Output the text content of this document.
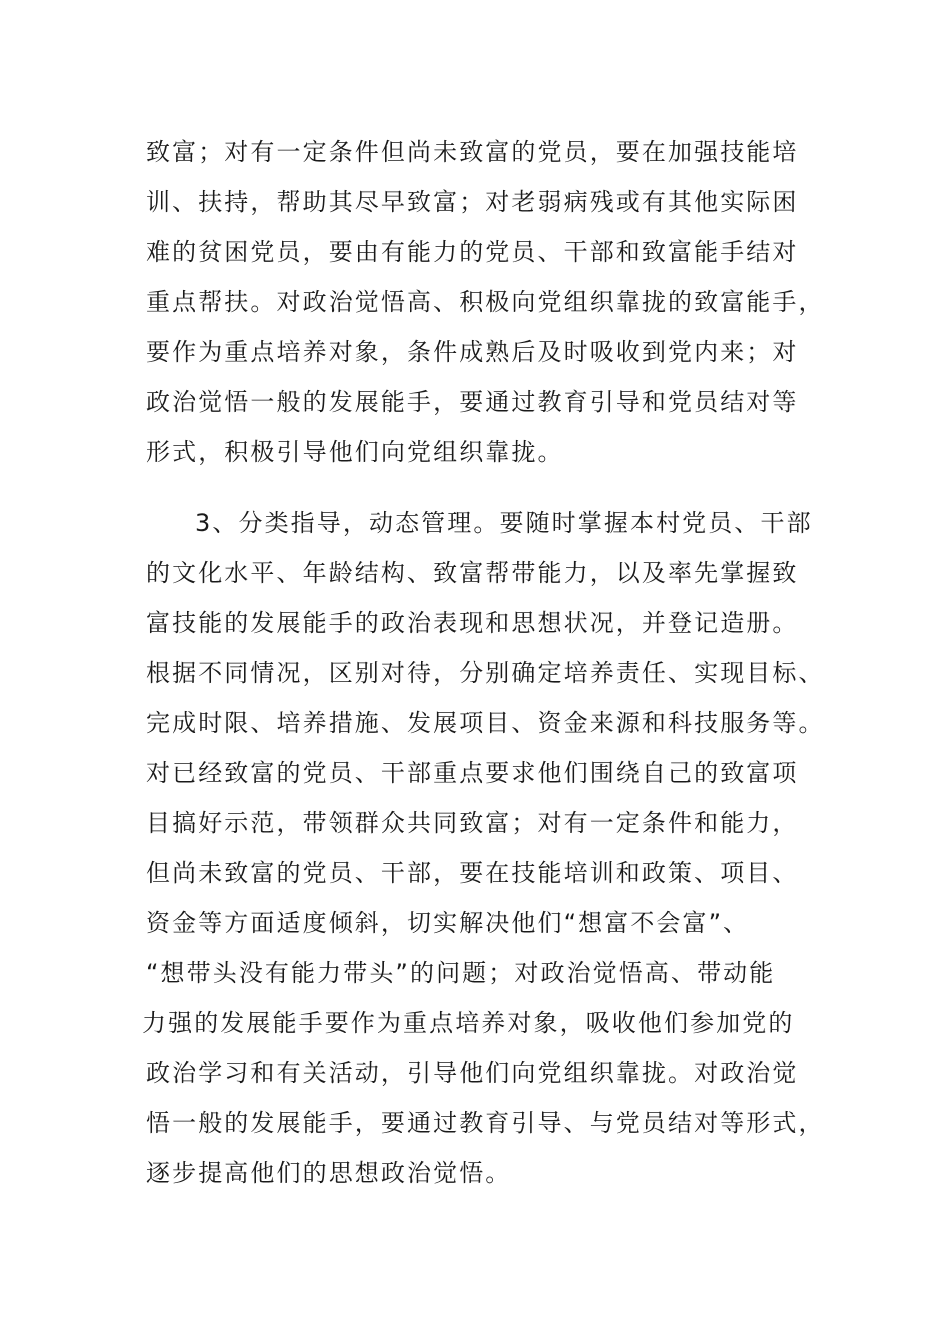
致富；对有一定条件但尚未致富的党员，要在加强技能培
训、扶持，帮助其尽早致富；对老弱病残或有其他实际困
难的贫困党员，要由有能力的党员、干部和致富能手结对
重点帮扶。对政治觉悟高、积极向党组织靠拢的致富能手，
要作为重点培养对象，条件成熟后及时吸收到党内来；对
政治觉悟一般的发展能手，要通过教育引导和党员结对等
形式，积极引导他们向党组织靠拢。
3、分类指导，动态管理。要随时掌握本村党员、干部
的文化水平、年龄结构、致富帮带能力，以及率先掌握致
富技能的发展能手的政治表现和思想状况，并登记造册。
根据不同情况，区别对待，分别确定培养责任、实现目标、
完成时限、培养措施、发展项目、资金来源和科技服务等。
对已经致富的党员、干部重点要求他们围绕自己的致富项
目搞好示范，带领群众共同致富；对有一定条件和能力，
但尚未致富的党员、干部，要在技能培训和政策、项目、
资金等方面适度倾斜，切实解决他们“想富不会富”、
“想带头没有能力带头”的问题；对政治觉悟高、带动能
力强的发展能手要作为重点培养对象，吸收他们参加党的
政治学习和有关活动，引导他们向党组织靠拢。对政治觉
悟一般的发展能手，要通过教育引导、与党员结对等形式，
逐步提高他们的思想政治觉悟。
